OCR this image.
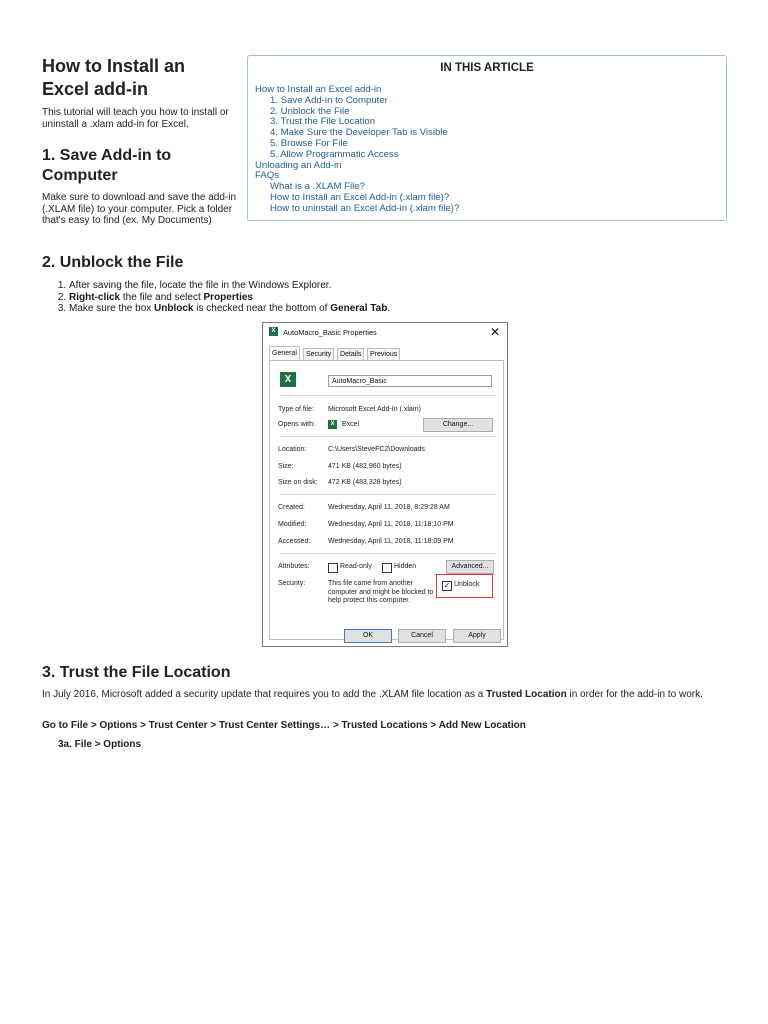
How to Install an
Excel add-in
This tutorial will teach you how to install or uninstall a .xlam add-in for Excel.
IN THIS ARTICLE
How to Install an Excel add-in
1. Save Add-in to Computer
2. Unblock the File
3. Trust the File Location
4. Make Sure the Developer Tab is Visible
5. Browse For File
5. Allow Programmatic Access
Unloading an Add-in
FAQs
What is a .XLAM File?
How to Install an Excel Add-in (.xlam file)?
How to uninstall an Excel Add-in (.xlam file)?
1. Save Add-in to
Computer
Make sure to download and save the add-in (.XLAM file) to your computer. Pick a folder that's easy to find (ex. My Documents)
2. Unblock the File
1. After saving the file, locate the file in the Windows Explorer.
2. Right-click the file and select Properties
3. Make sure the box Unblock is checked near the bottom of General Tab.
X	AutoMacro_Basic Properties	✕
General	Security	Details	Previous
X	AutoMacro_Basic
Type of file: Microsoft Excel Add-In (.xlam)
Opens with:	X	Excel	Change...
Location:	C:\Users\SteveFC2\Downloads
Size:	471 KB (482,960 bytes)
Size on disk: 472 KB (483,328 bytes)
Created:	Wednesday, April 11, 2018, 8:29:28 AM
Modified:	Wednesday, April 11, 2018, 11:18:10 PM
Accessed:	Wednesday, April 11, 2018, 11:18:09 PM
Attributes:	Read-only	Hidden	Advanced...
Security:	This file came from another
computer and might be blocked to
help protect this computer.
✓ Unblock
OK	Cancel	Apply
3. Trust the File Location
In July 2016, Microsoft added a security update that requires you to add the .XLAM file location as a Trusted Location in order for the add-in to work.
Go to File > Options > Trust Center > Trust Center Settings… > Trusted Locations > Add New Location
3a. File > Options
